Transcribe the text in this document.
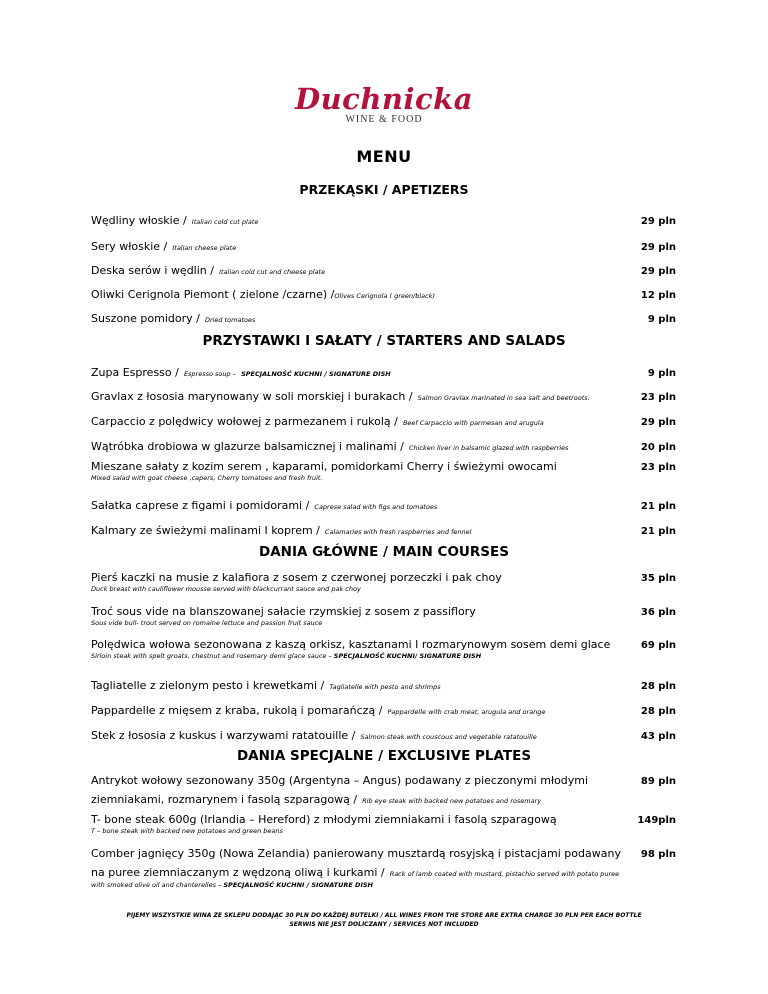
Duchnicka
WINE & FOOD
MENU
PRZEKĄSKI / APETIZERS
Wędliny włoskie / Italian cold cut plate	29 pln
Sery włoskie / Italian cheese plate	29 pln
Deska serów i wędlin / Italian cold cut and cheese plate	29 pln
Oliwki Cerignola Piemont ( zielone /czarne) /Olives Cerignola ( green/black)	12 pln
Suszone pomidory / Dried tomatoes	9 pln
PRZYSTAWKI I SAŁATY / STARTERS AND SALADS
Zupa Espresso / Espresso soup – SPECJALNOŚĆ KUCHNI / SIGNATURE DISH	9 pln
Gravlax z łososia marynowany w soli morskiej i burakach / Salmon Gravlax marinated in sea salt and beetroots.	23 pln
Carpaccio z polędwicy wołowej z parmezanem i rukolą / Beef Carpaccio with parmesan and arugula	29 pln
Wątróbka drobiowa w glazurze balsamicznej i malinami / Chicken liver in balsamic glazed with raspberries	20 pln
Mieszane sałaty z kozim serem , kaparami, pomidorkami Cherry i świeżymi owocami	23 pln
Mixed salad with goat cheese ,capers, Cherry tomatoes and fresh fruit.
Sałatka caprese z figami i pomidorami / Caprese salad with figs and tomatoes	21 pln
Kalmary ze świeżymi malinami I koprem / Calamaries with fresh raspberries and fennel	21 pln
DANIA GŁÓWNE / MAIN COURSES
Pierś kaczki na musie z kalafiora z sosem z czerwonej porzeczki i pak choy	35 pln
Duck breast with cauliflower mousse served with blackcurrant sauce and pak choy
Troć sous vide na blanszowanej sałacie rzymskiej z sosem z passiflory	36 pln
Sous vide bull- trout served on romaine lettuce and passion fruit sauce
Polędwica wołowa sezonowana z kaszą orkisz, kasztanami I rozmarynowym sosem demi glace	69 pln
Sirloin steak with spelt groats, chestnut and rosemary demi glace sauce – SPECJALNOŚĆ KUCHNI/ SIGNATURE DISH
Tagliatelle z zielonym pesto i krewetkami / Tagliatelle with pesto and shrimps	28 pln
Pappardelle z mięsem z kraba, rukolą i pomarańczą / Pappardelle with crab meat, arugula and orange	28 pln
Stek z łososia z kuskus i warzywami ratatouille / Salmon steak with couscous and vegetable ratatouille	43 pln
DANIA SPECJALNE / EXCLUSIVE PLATES
Antrykot wołowy sezonowany 350g (Argentyna – Angus) podawany z pieczonymi młodymi	89 pln
ziemniakami, rozmarynem i fasolą szparagową / Rib eye steak with backed new potatoes and rosemary
T- bone steak 600g (Irlandia – Hereford) z młodymi ziemniakami i fasolą szparagową	149pln
T – bone steak with backed new potatoes and green beans
Comber jagnięcy 350g (Nowa Zelandia) panierowany musztardą rosyjską i pistacjami podawany 98 pln
na puree ziemniaczanym z wędzoną oliwą i kurkami / Rack of lamb coated with mustard, pistachio served with potato puree
with smoked olive oil and chanterelles – SPECJALNOŚĆ KUCHNI / SIGNATURE DISH
PIJEMY WSZYSTKIE WINA ZE SKLEPU DODAJĄC 30 PLN DO KAŻDEJ BUTELKI / ALL WINES FROM THE STORE ARE EXTRA CHARGE 30 PLN PER EACH BOTTLE
SERWIS NIE JEST DOLICZANY / SERVICES NOT INCLUDED
